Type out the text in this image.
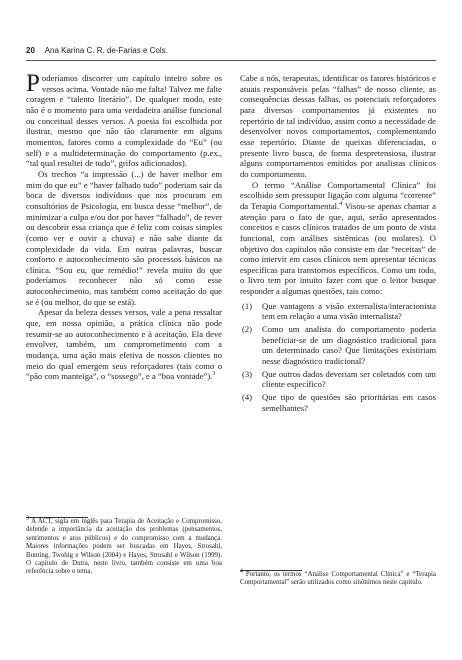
20 Ana Karina C. R. de-Farias e Cols.

Poderíamos discorrer um capítulo inteiro sobre os versos acima. Vontade não me falta! Talvez me falte coragem e “talento literário”. De qualquer modo, este não é o momento para uma verdadeira análise funcional ou conceitual desses versos. A poesia foi escolhida por ilustrar, mesmo que não tão claramente em alguns momentos, fatores como a complexidade do “Eu” (ou self) e a multideterminação do comportamento (p.ex., “tal qual resultei de tudo”, grifos adicionados).

Os trechos “a impressão (...) de haver melhor em mim do que eu” e “haver falhado tudo” poderiam sair da boca de diversos indivíduos que nos procuram em consultórios de Psicologia, em busca desse “melhor”, de minimizar a culpa e/ou dor por haver “falhado”, de rever ou descobrir essa criança que é feliz com coisas simples (como ver e ouvir a chuva) e não sabe diante da complexidade da vida. Em outras palavras, buscar conforto e autoconhecimento são processos básicos na clínica. “Sou eu, que remédio!” revela muito do que poderíamos reconhecer não só como esse autoconhecimento, mas também como aceitação do que se é (ou melhor, do que se está).

Apesar da beleza desses versos, vale a pena ressaltar que, em nossa opinião, a prática clínica não pode resumir-se ao autoconhecimento e à aceitação. Ela deve envolver, também, um comprometimento com a mudança, uma ação mais efetiva de nossos clientes no meio do qual emergem seus reforçadores (tais como o “pão com manteiga”, o “sossego”, e a “boa vontade”).$^3$

Cabe a nós, terapeutas, identificar os fatores históricos e atuais responsáveis pelas “falhas” de nosso cliente, as consequências dessas falhas, os potenciais reforçadores para diversos comportamentos já existentes no repertório de tal indivíduo, assim como a necessidade de desenvolver novos comportamentos, complementando esse repertório. Diante de queixas diferenciadas, o presente livro busca, de forma despretensiosa, ilustrar alguns comportamentos emitidos por analistas clínicos do comportamento.

O termo “Análise Comportamental Clínica” foi escolhido sem pressupor ligação com alguma “corrente” da Terapia Comportamental.$^4$ Visou-se apenas chamar a atenção para o fato de que, aqui, serão apresentados conceitos e casos clínicos tratados de um ponto de vista funcional, com análises sistêmicas (ou molares). O objetivo dos capítulos não consiste em dar “receitas” de como intervir em casos clínicos nem apresentar técnicas específicas para transtornos específicos. Como um todo, o livro tem por intuito fazer com que o leitor busque responder a algumas questões, tais como:

(1)	Que vantagens a visão externalista/interacionista tem em relação a uma visão internalista?
(2)	Como um analista do comportamento poderia beneficiar-se de um diagnóstico tradicional para um determinado caso? Que limitações existiriam nesse diagnóstico tradicional?
(3)	Que outros dados deveriam ser coletados com um cliente específico?
(4)	Que tipo de questões são prioritárias em casos semelhantes?
$^3$ A ACT, sigla em inglês para Terapia de Aceitação e Compromisso, defende a importância da aceitação dos problemas (pensamentos, sentimentos e atos públicos) e do compromisso com a mudança. Maiores informações podem ser buscadas em Hayes, Strosahl, Bunting, Twohig e Wilson (2004) e Hayes, Strosahl e Wilson (1999). O capítulo de Dutra, neste livro, também consiste em uma boa referência sobre o tema.	$^4$ Portanto, os termos “Análise Comportamental Clínica” e “Terapia Comportamental” serão utilizados como sinônimos neste capítulo.
